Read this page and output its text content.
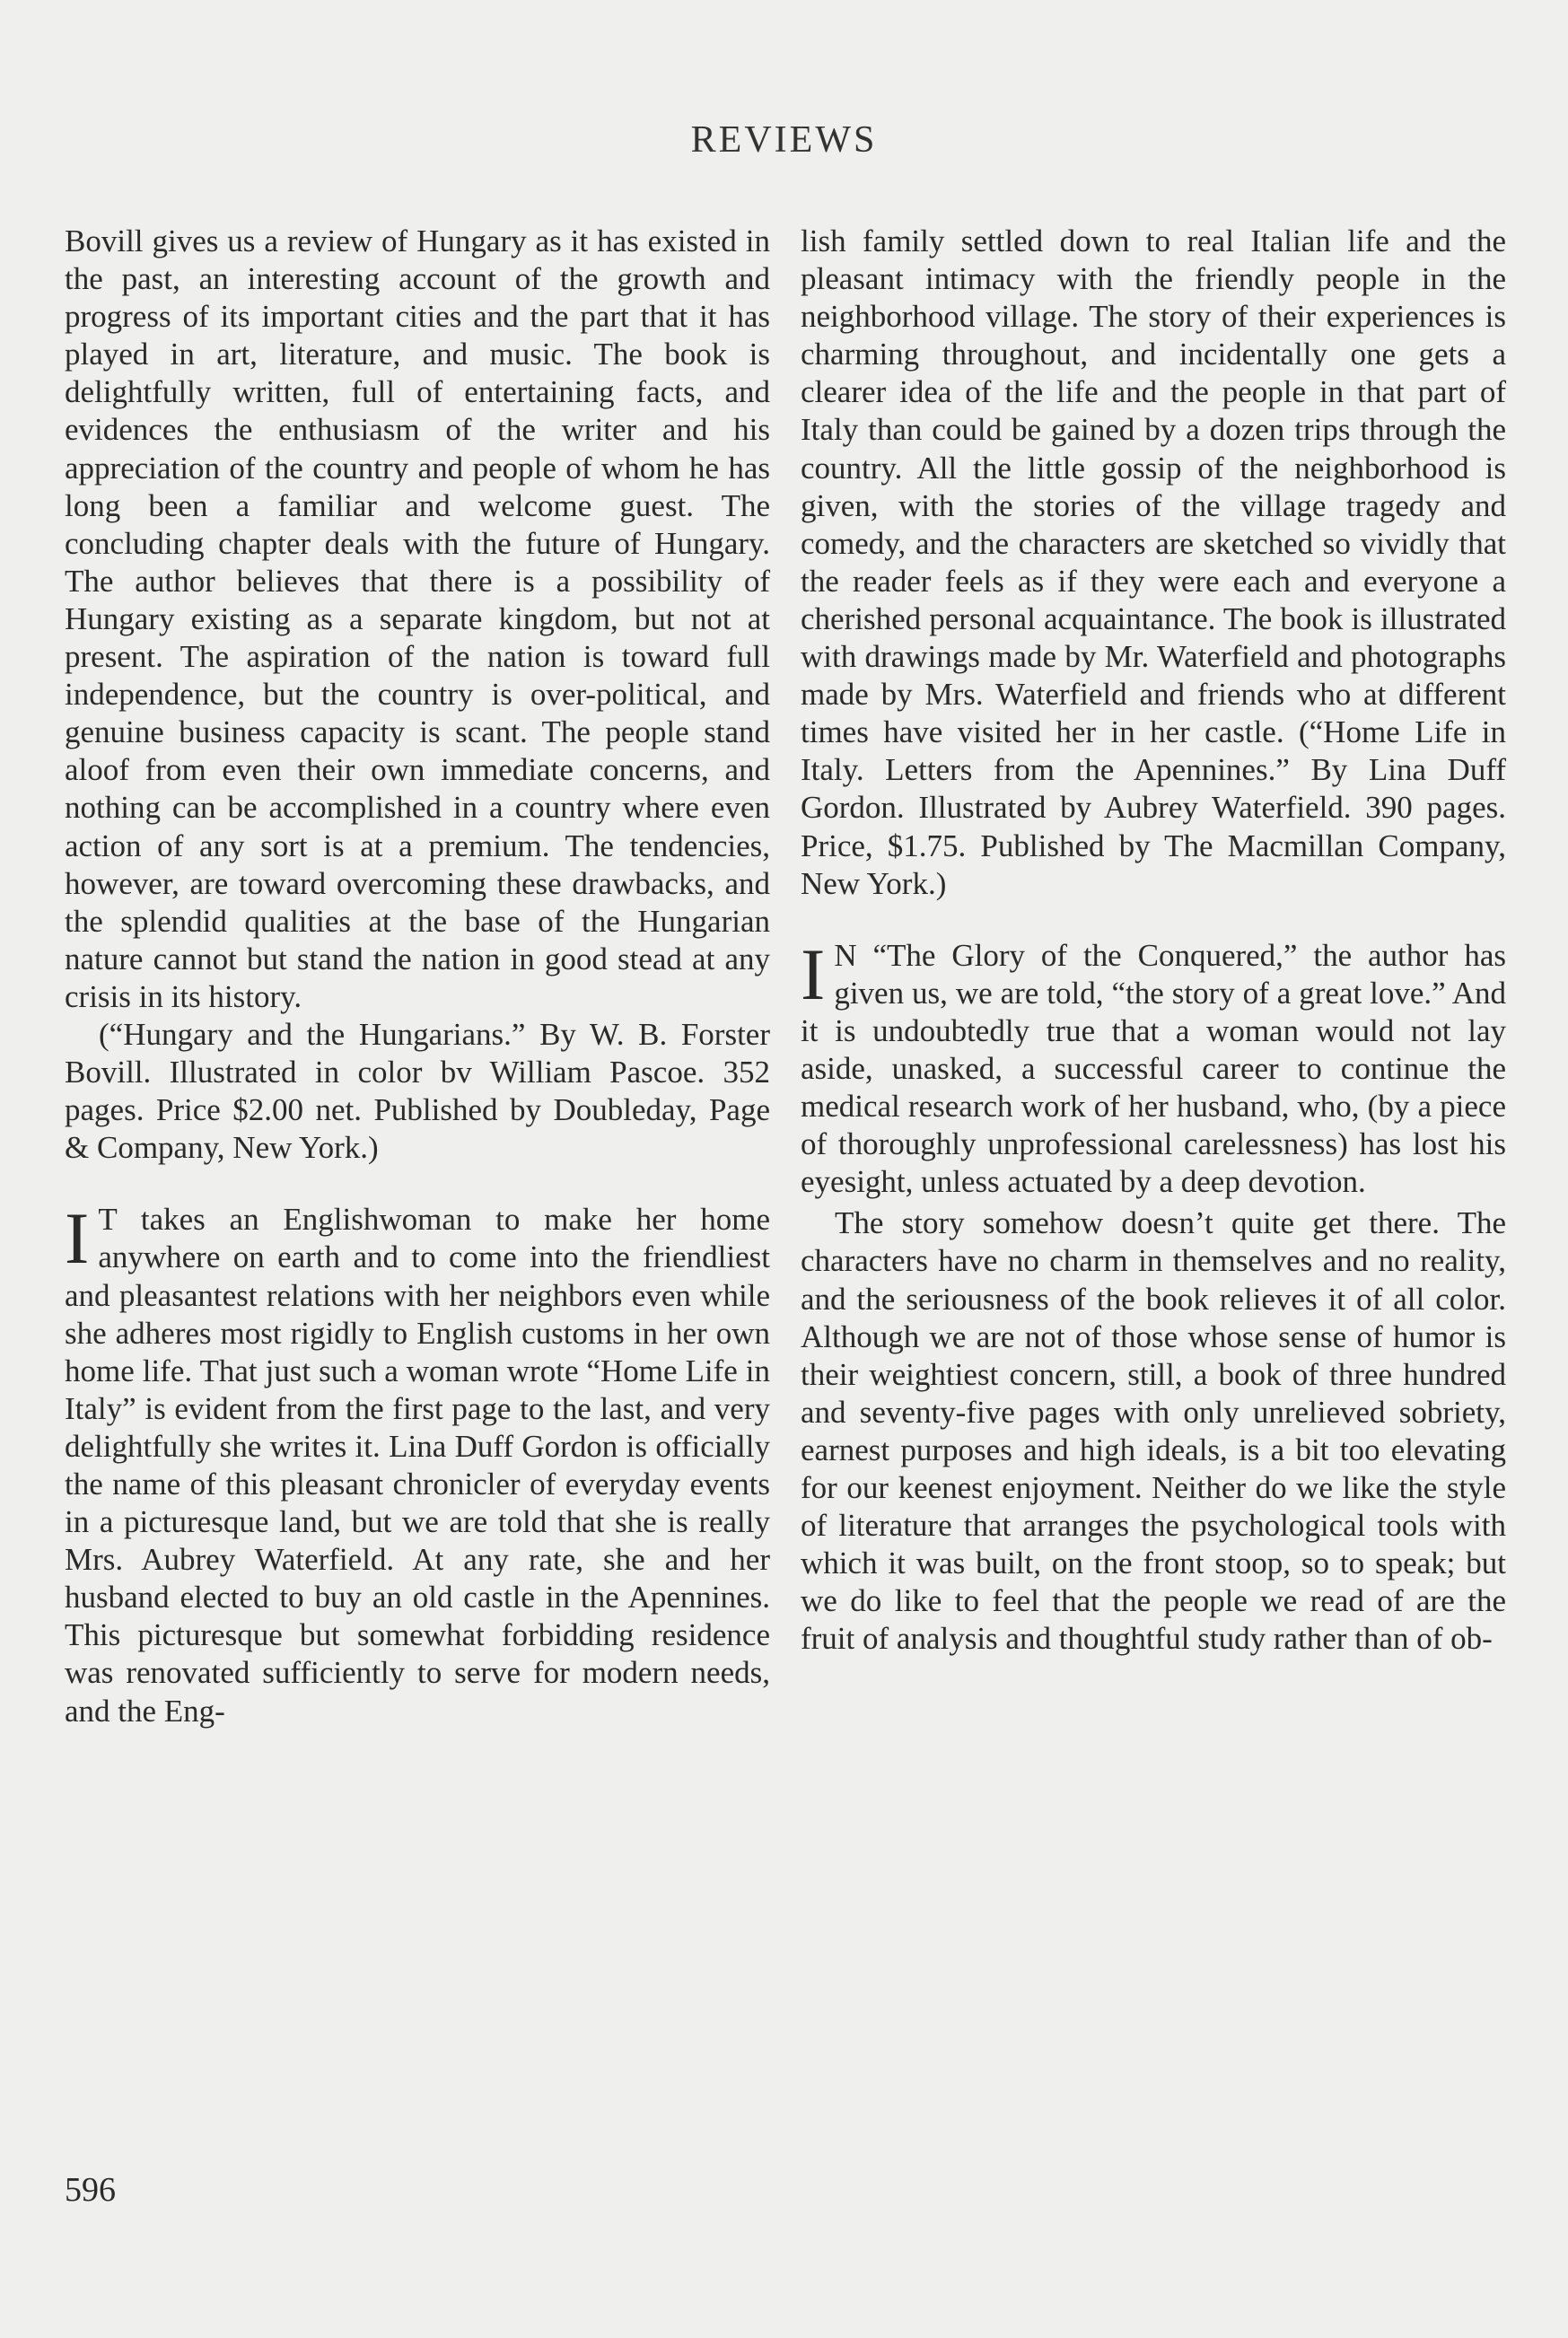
REVIEWS

Bovill gives us a review of Hungary as it has existed in the past, an interesting account of the growth and progress of its important cities and the part that it has played in art, literature, and music. The book is delightfully written, full of entertaining facts, and evidences the enthusiasm of the writer and his appreciation of the country and people of whom he has long been a familiar and welcome guest. The concluding chapter deals with the future of Hungary. The author believes that there is a possibility of Hungary existing as a separate kingdom, but not at present. The aspiration of the nation is toward full independence, but the country is over-political, and genuine business capacity is scant. The people stand aloof from even their own immediate concerns, and nothing can be accomplished in a country where even action of any sort is at a premium. The tendencies, however, are toward overcoming these drawbacks, and the splendid qualities at the base of the Hungarian nature cannot but stand the nation in good stead at any crisis in its history.

(“Hungary and the Hungarians.” By W. B. Forster Bovill. Illustrated in color bv William Pascoe. 352 pages. Price $2.00 net. Published by Doubleday, Page & Company, New York.)

I T takes an Englishwoman to make her home anywhere on earth and to come into the friendliest and pleasantest relations with her neighbors even while she adheres most rigidly to English customs in her own home life. That just such a woman wrote “Home Life in Italy” is evident from the first page to the last, and very delightfully she writes it. Lina Duff Gordon is officially the name of this pleasant chronicler of everyday events in a picturesque land, but we are told that she is really Mrs. Aubrey Waterfield. At any rate, she and her husband elected to buy an old castle in the Apennines. This picturesque but somewhat forbidding residence was renovated sufficiently to serve for modern needs, and the Eng-

lish family settled down to real Italian life and the pleasant intimacy with the friendly people in the neighborhood village. The story of their experiences is charming throughout, and incidentally one gets a clearer idea of the life and the people in that part of Italy than could be gained by a dozen trips through the country. All the little gossip of the neighborhood is given, with the stories of the village tragedy and comedy, and the characters are sketched so vividly that the reader feels as if they were each and everyone a cherished personal acquaintance. The book is illustrated with drawings made by Mr. Waterfield and photographs made by Mrs. Waterfield and friends who at different times have visited her in her castle. (“Home Life in Italy. Letters from the Apennines.” By Lina Duff Gordon. Illustrated by Aubrey Waterfield. 390 pages. Price, $1.75. Published by The Macmillan Company, New York.)

I N “The Glory of the Conquered,” the author has given us, we are told, “the story of a great love.” And it is undoubtedly true that a woman would not lay aside, unasked, a successful career to continue the medical research work of her husband, who, (by a piece of thoroughly unprofessional carelessness) has lost his eyesight, unless actuated by a deep devotion.

The story somehow doesn’t quite get there. The characters have no charm in themselves and no reality, and the seriousness of the book relieves it of all color. Although we are not of those whose sense of humor is their weightiest concern, still, a book of three hundred and seventy-five pages with only unrelieved sobriety, earnest purposes and high ideals, is a bit too elevating for our keenest enjoyment. Neither do we like the style of literature that arranges the psychological tools with which it was built, on the front stoop, so to speak; but we do like to feel that the people we read of are the fruit of analysis and thoughtful study rather than of ob-

596
